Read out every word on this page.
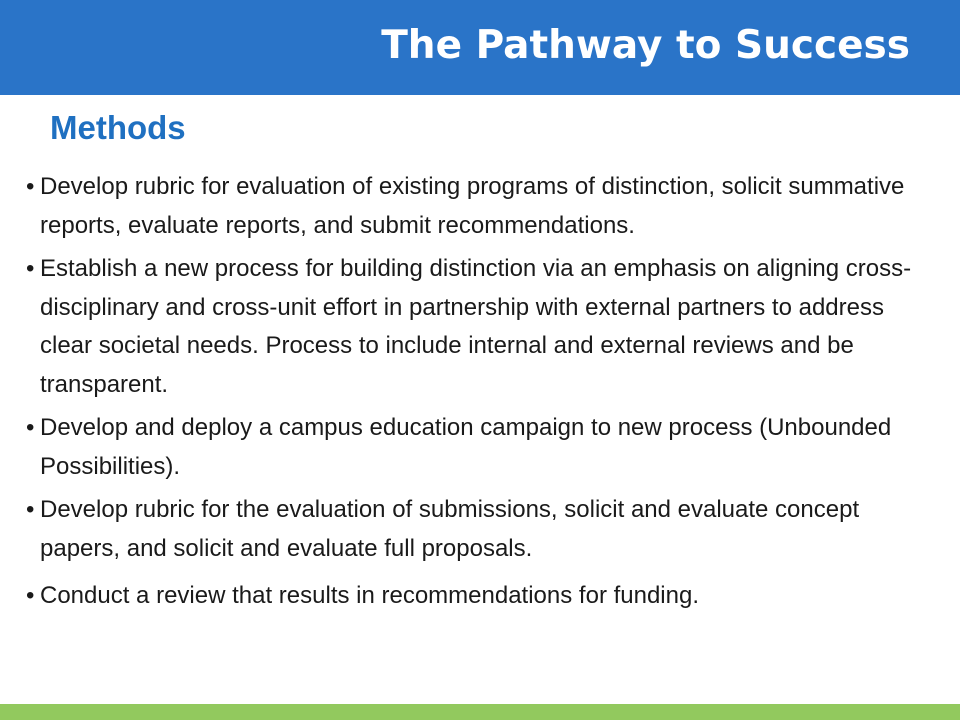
The Pathway to Success
Methods
• Develop rubric for evaluation of existing programs of distinction, solicit summative reports, evaluate reports, and submit recommendations.
• Establish a new process for building distinction via an emphasis on aligning cross-disciplinary and cross-unit effort in partnership with external partners to address clear societal needs. Process to include internal and external reviews and be transparent.
• Develop and deploy a campus education campaign to new process (Unbounded Possibilities).
• Develop rubric for the evaluation of submissions, solicit and evaluate concept papers, and solicit and evaluate full proposals.
• Conduct a review that results in recommendations for funding.
